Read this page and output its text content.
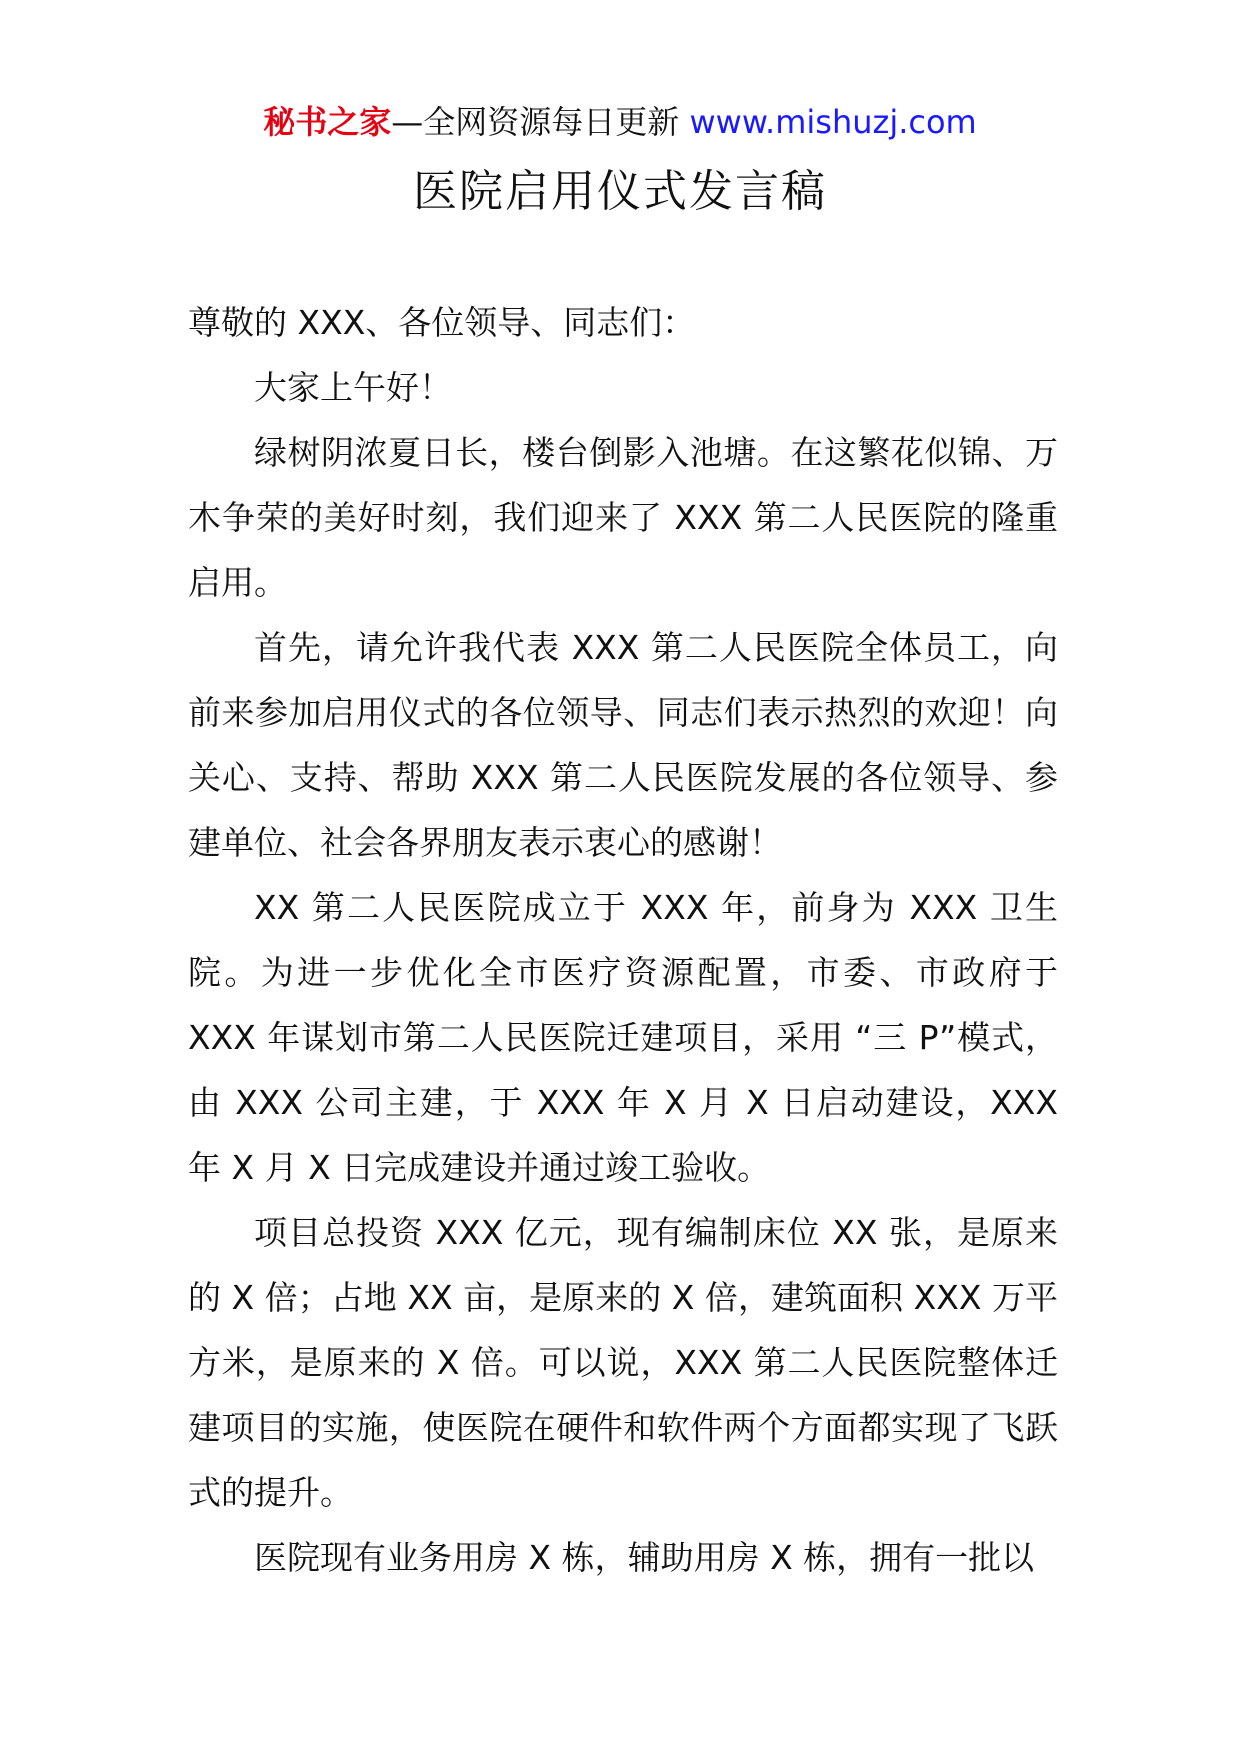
秘书之家—全网资源每日更新 www.mishuzj.com
医院启用仪式发言稿

尊敬的 XXX、各位领导、同志们：

大家上午好！

绿树阴浓夏日长，楼台倒影入池塘。在这繁花似锦、万木争荣的美好时刻，我们迎来了 XXX 第二人民医院的隆重启用。

首先，请允许我代表 XXX 第二人民医院全体员工，向前来参加启用仪式的各位领导、同志们表示热烈的欢迎！向关心、支持、帮助 XXX 第二人民医院发展的各位领导、参建单位、社会各界朋友表示衷心的感谢！

XX 第二人民医院成立于 XXX 年，前身为 XXX 卫生院。为进一步优化全市医疗资源配置，市委、市政府于 XXX 年谋划市第二人民医院迁建项目，采用 “三 P”模式，由 XXX 公司主建，于 XXX 年 X 月 X 日启动建设，XXX 年 X 月 X 日完成建设并通过竣工验收。

项目总投资 XXX 亿元，现有编制床位 XX 张，是原来的 X 倍；占地 XX 亩，是原来的 X 倍，建筑面积 XXX 万平方米，是原来的 X 倍。可以说，XXX 第二人民医院整体迁建项目的实施，使医院在硬件和软件两个方面都实现了飞跃式的提升。

医院现有业务用房 X 栋，辅助用房 X 栋，拥有一批以
